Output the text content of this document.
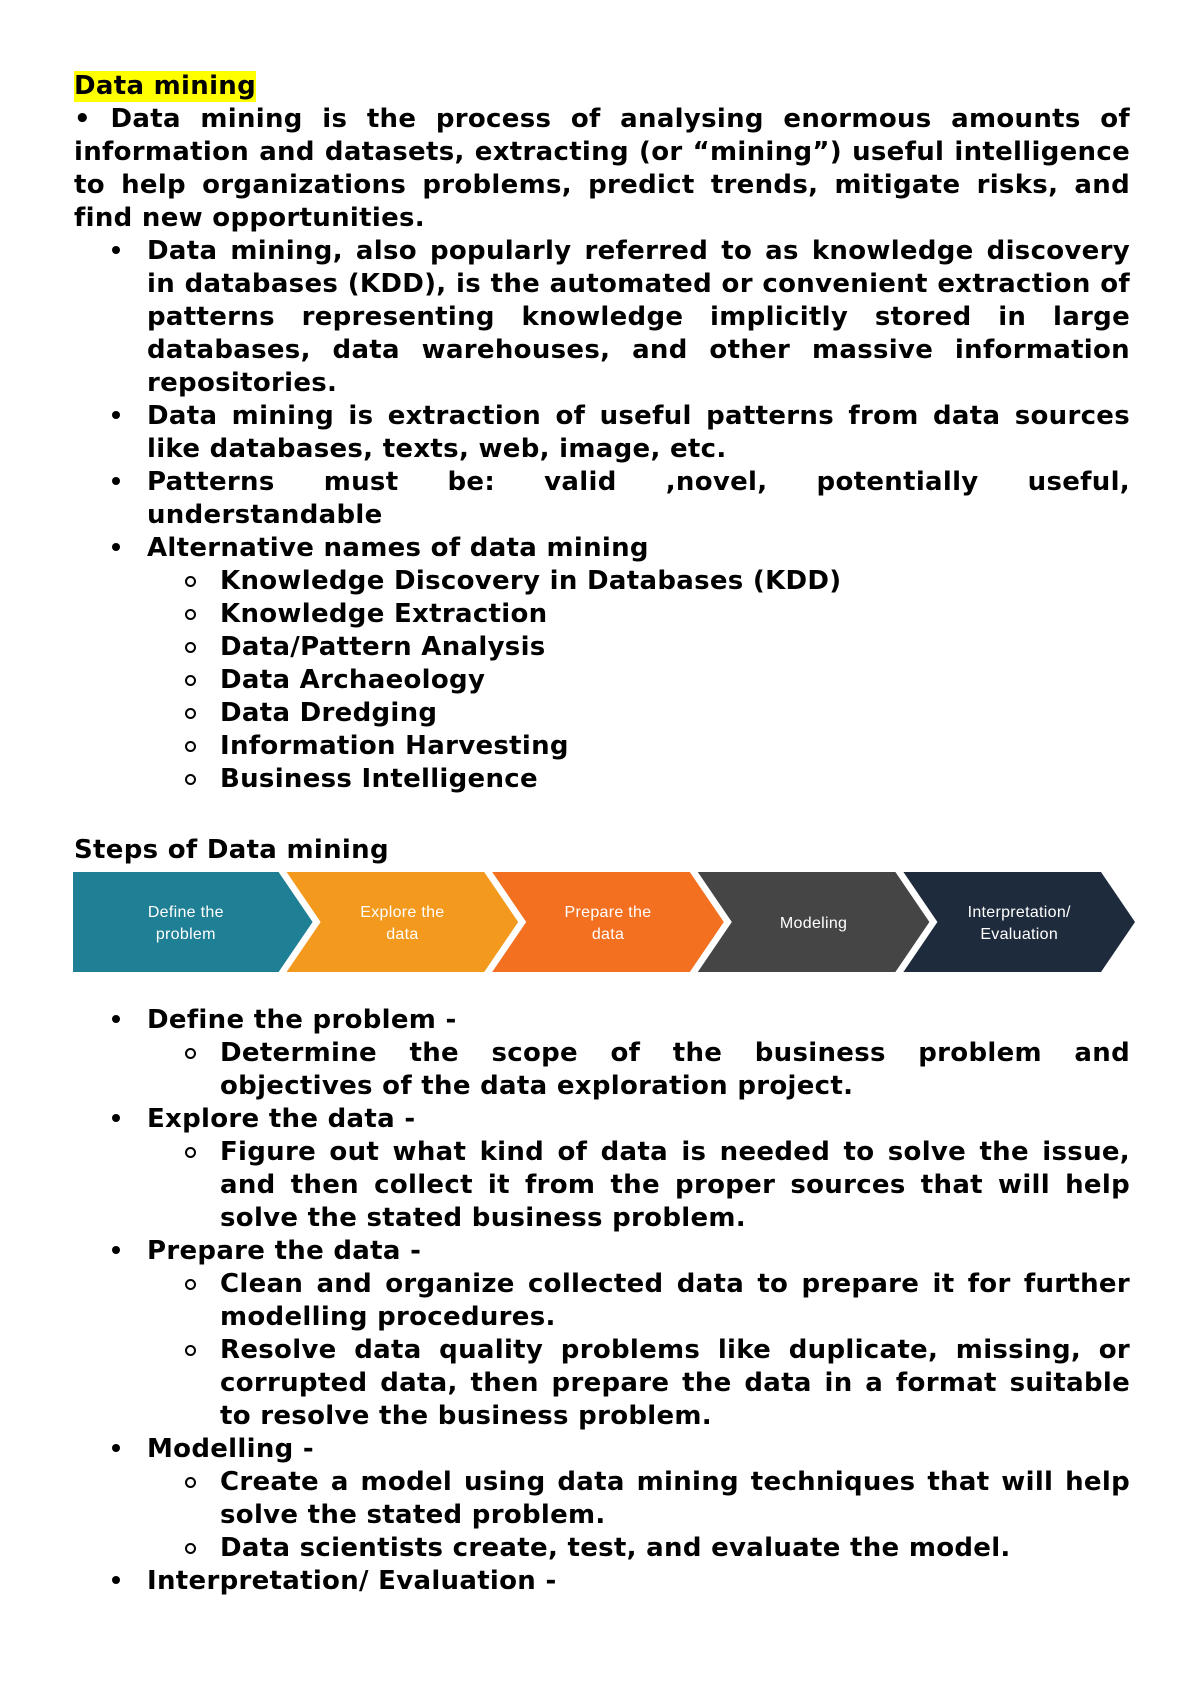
Data mining

• Data mining is the process of analysing enormous amounts of information and datasets, extracting (or “mining”) useful intelligence to help organizations problems, predict trends, mitigate risks, and find new opportunities.

Data mining, also popularly referred to as knowledge discovery in databases (KDD), is the automated or convenient extraction of patterns representing knowledge implicitly stored in large databases, data warehouses, and other massive information repositories.
Data mining is extraction of useful patterns from data sources like databases, texts, web, image, etc.
Patterns must be: valid ,novel, potentially useful, understandable
Alternative names of data mining
Knowledge Discovery in Databases (KDD)
Knowledge Extraction
Data/Pattern Analysis
Data Archaeology
Data Dredging
Information Harvesting
Business Intelligence

Steps of Data mining

Define the
problem
Explore the
data
Prepare the
data
Modeling
Interpretation/
Evaluation
Define the problem -
Determine the scope of the business problem and objectives of the data exploration project.
Explore the data -
Figure out what kind of data is needed to solve the issue, and then collect it from the proper sources that will help solve the stated business problem.
Prepare the data -
Clean and organize collected data to prepare it for further modelling procedures.
Resolve data quality problems like duplicate, missing, or corrupted data, then prepare the data in a format suitable to resolve the business problem.
Modelling -
Create a model using data mining techniques that will help solve the stated problem.
Data scientists create, test, and evaluate the model.
Interpretation/ Evaluation -
